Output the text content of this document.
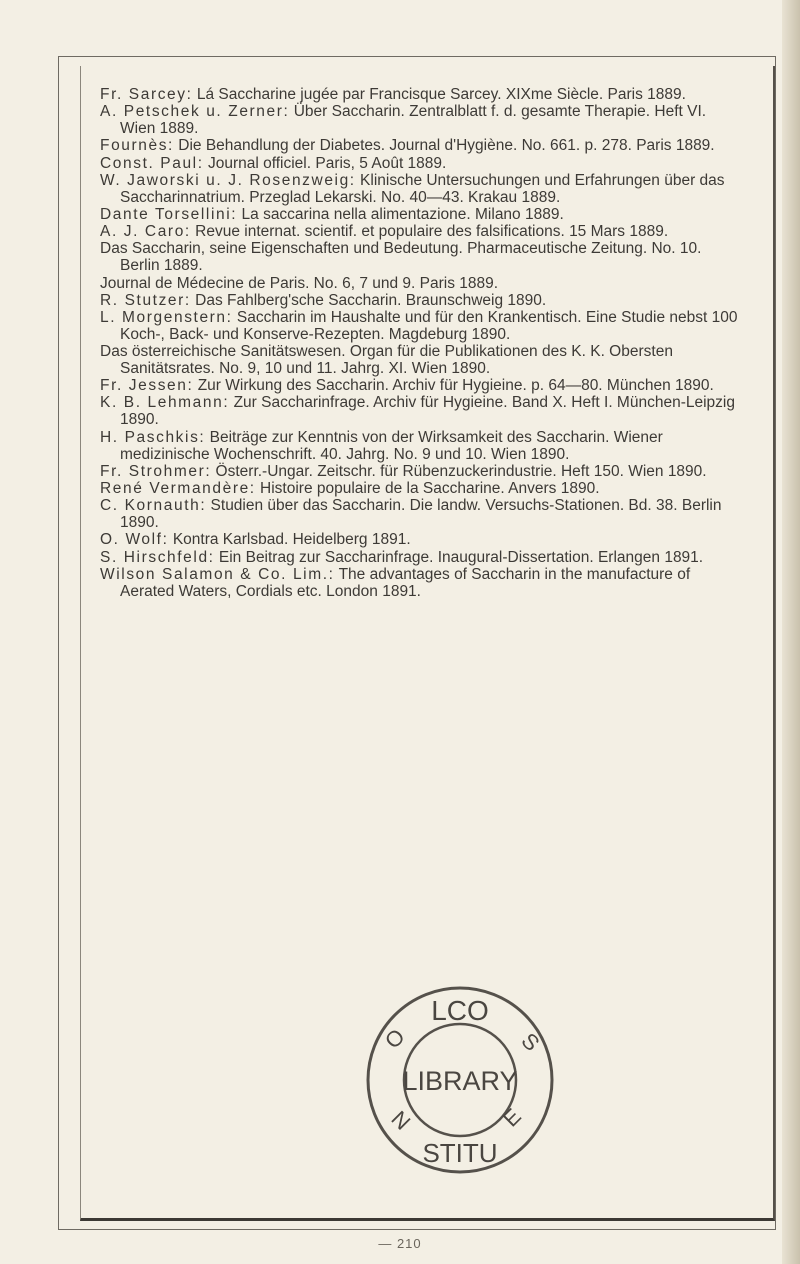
Fr. Sarcey: Lá Saccharine jugée par Francisque Sarcey. XIXme Siècle. Paris 1889.

A. Petschek u. Zerner: Über Saccharin. Zentralblatt f. d. gesamte Therapie. Heft VI. Wien 1889.

Fournès: Die Behandlung der Diabetes. Journal d'Hygiène. No. 661. p. 278. Paris 1889.

Const. Paul: Journal officiel. Paris, 5 Août 1889.

W. Jaworski u. J. Rosenzweig: Klinische Untersuchungen und Erfahrungen über das Saccharinnatrium. Przeglad Lekarski. No. 40—43. Krakau 1889.

Dante Torsellini: La saccarina nella alimentazione. Milano 1889.

A. J. Caro: Revue internat. scientif. et populaire des falsifications. 15 Mars 1889.

Das Saccharin, seine Eigenschaften und Bedeutung. Pharmaceutische Zeitung. No. 10. Berlin 1889.

Journal de Médecine de Paris. No. 6, 7 und 9. Paris 1889.

R. Stutzer: Das Fahlberg'sche Saccharin. Braunschweig 1890.

L. Morgenstern: Saccharin im Haushalte und für den Krankentisch. Eine Studie nebst 100 Koch-, Back- und Konserve-Rezepten. Magdeburg 1890.

Das österreichische Sanitätswesen. Organ für die Publikationen des K. K. Obersten Sanitätsrates. No. 9, 10 und 11. Jahrg. XI. Wien 1890.

Fr. Jessen: Zur Wirkung des Saccharin. Archiv für Hygieine. p. 64—80. München 1890.

K. B. Lehmann: Zur Saccharinfrage. Archiv für Hygieine. Band X. Heft I. München-Leipzig 1890.

H. Paschkis: Beiträge zur Kenntnis von der Wirksamkeit des Saccharin. Wiener medizinische Wochenschrift. 40. Jahrg. No. 9 und 10. Wien 1890.

Fr. Strohmer: Österr.-Ungar. Zeitschr. für Rübenzuckerindustrie. Heft 150. Wien 1890.

René Vermandère: Histoire populaire de la Saccharine. Anvers 1890.

C. Kornauth: Studien über das Saccharin. Die landw. Versuchs-Stationen. Bd. 38. Berlin 1890.

O. Wolf: Kontra Karlsbad. Heidelberg 1891.

S. Hirschfeld: Ein Beitrag zur Saccharinfrage. Inaugural-Dissertation. Erlangen 1891.

Wilson Salamon & Co. Lim.: The advantages of Saccharin in the manufacture of Aerated Waters, Cordials etc. London 1891.

LCO
LIBRARY
STITU
O	S
E
N
— 210
